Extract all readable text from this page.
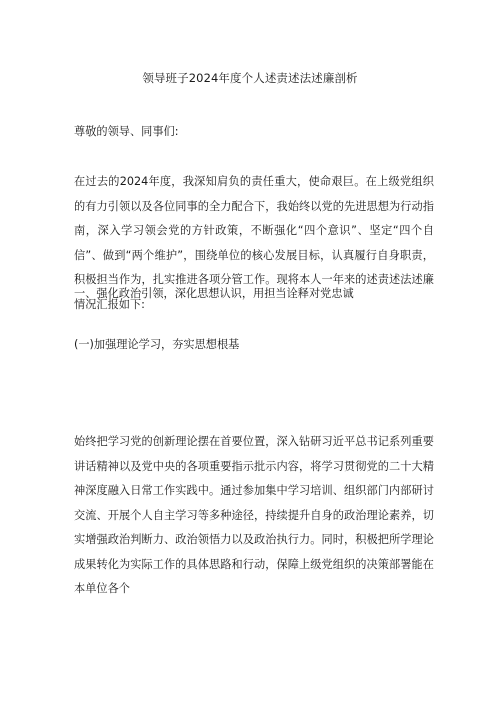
领导班子2024年度个人述责述法述廉剖析

尊敬的领导、同事们:

在过去的2024年度，我深知肩负的责任重大，使命艰巨。在上级党组织的有力引领以及各位同事的全力配合下，我始终以党的先进思想为行动指南，深入学习领会党的方针政策，不断强化“四个意识”、坚定“四个自信”、做到“两个维护”，围绕单位的核心发展目标，认真履行自身职责，积极担当作为，扎实推进各项分管工作。现将本人一年来的述责述法述廉情况汇报如下:

一、强化政治引领，深化思想认识，用担当诠释对党忠诚

(一)加强理论学习，夯实思想根基

始终把学习党的创新理论摆在首要位置，深入钻研习近平总书记系列重要讲话精神以及党中央的各项重要指示批示内容，将学习贯彻党的二十大精神深度融入日常工作实践中。通过参加集中学习培训、组织部门内部研讨交流、开展个人自主学习等多种途径，持续提升自身的政治理论素养，切实增强政治判断力、政治领悟力以及政治执行力。同时，积极把所学理论成果转化为实际工作的具体思路和行动，保障上级党组织的决策部署能在本单位各个
